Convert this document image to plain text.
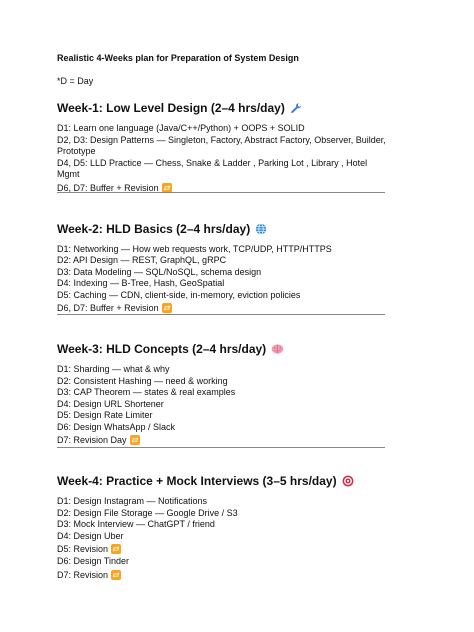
Realistic 4-Weeks plan for Preparation of System Design

*D = Day
Week-1: Low Level Design (2–4 hrs/day)
D1: Learn one language (Java/C++/Python) + OOPS + SOLID
D2, D3: Design Patterns — Singleton, Factory, Abstract Factory, Observer, Builder, Prototype
D4, D5: LLD Practice — Chess, Snake & Ladder , Parking Lot , Library , Hotel Mgmt
D6, D7: Buffer + Revision
Week-2: HLD Basics (2–4 hrs/day)
D1: Networking — How web requests work, TCP/UDP, HTTP/HTTPS
D2: API Design — REST, GraphQL, gRPC
D3: Data Modeling — SQL/NoSQL, schema design
D4: Indexing — B-Tree, Hash, GeoSpatial
D5: Caching — CDN, client-side, in-memory, eviction policies
D6, D7: Buffer + Revision
Week-3: HLD Concepts (2–4 hrs/day)
D1: Sharding — what & why
D2: Consistent Hashing — need & working
D3: CAP Theorem — states & real examples
D4: Design URL Shortener
D5: Design Rate Limiter
D6: Design WhatsApp / Slack
D7: Revision Day
Week-4: Practice + Mock Interviews (3–5 hrs/day)
D1: Design Instagram — Notifications
D2: Design File Storage — Google Drive / S3
D3: Mock Interview — ChatGPT / friend
D4: Design Uber
D5: Revision
D6: Design Tinder
D7: Revision
